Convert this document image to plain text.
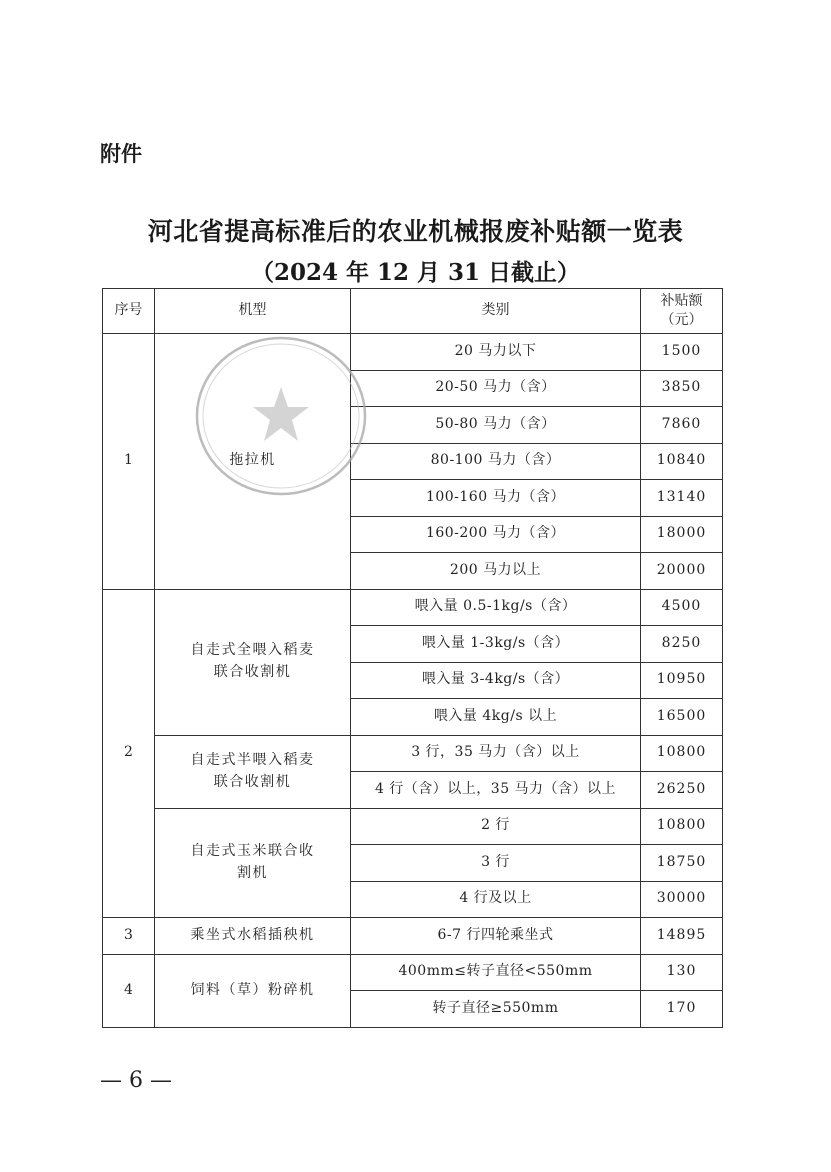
附件
河北省提高标准后的农业机械报废补贴额一览表
（2024 年 12 月 31 日截止）
序号	机型	类别	补贴额
（元）

1	拖拉机	20 马力以下	1500
		20-50 马力（含）	3850
		50-80 马力（含）	7860
		80-100 马力（含）	10840
		100-160 马力（含）	13140
		160-200 马力（含）	18000
		200 马力以上	20000
2	自走式全喂入稻麦联合收割机	喂入量 0.5-1kg/s（含）	4500
		喂入量 1-3kg/s（含）	8250
		喂入量 3-4kg/s（含）	10950
		喂入量 4kg/s 以上	16500
	自走式半喂入稻麦联合收割机	3 行，35 马力（含）以上	10800
		4 行（含）以上，35 马力（含）以上	26250
	自走式玉米联合收割机	2 行	10800
		3 行	18750
		4 行及以上	30000
3	乘坐式水稻插秧机	6-7 行四轮乘坐式	14895
4	饲料（草）粉碎机	400mm≤转子直径<550mm	130
		转子直径≥550mm	170
— 6 —
